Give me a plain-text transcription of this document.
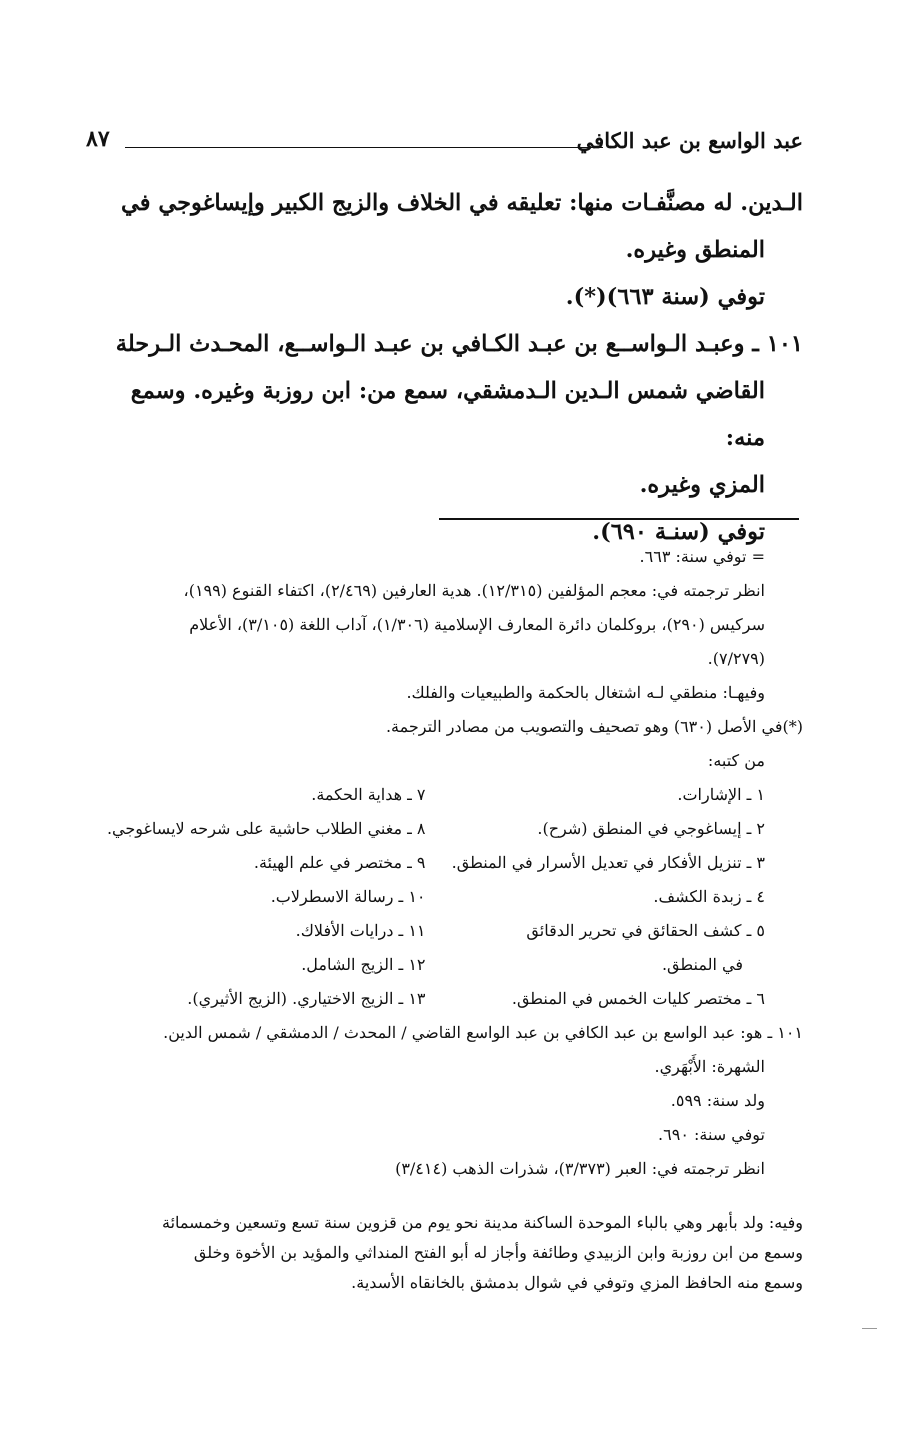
عبد الواسع بن عبد الكافي
٨٧

الـدين. له مصنَّفـات منها: تعليقه في الخلاف والزيج الكبير وإيساغوجي في

المنطق وغيره.

توفي (سنة ٦٦٣)(*).

١٠١ ـ وعبـد الـواســع بن عبـد الكـافي بن عبـد الـواســع، المحـدث الـرحلة

القاضي شمس الـدين الـدمشقي، سمع من: ابن روزبة وغيره. وسمع منه:

المزي وغيره.

توفي (سنـة ٦٩٠).

= توفي سنة: ٦٦٣.

انظر ترجمته في: معجم المؤلفين (١٢/٣١٥). هدية العارفين (٢/٤٦٩)، اكتفاء القنوع (١٩٩)،

سركيس (٢٩٠)، بروكلمان دائرة المعارف الإسلامية (١/٣٠٦)، آداب اللغة (٣/١٠٥)، الأعلام

(٧/٢٧٩).

وفيهـا: منطقي لـه اشتغال بالحكمة والطبيعيات والفلك.

(*)في الأصل (٦٣٠) وهو تصحيف والتصويب من مصادر الترجمة.

من كتبه:

١ ـ الإشارات.

٢ ـ إيساغوجي في المنطق (شرح).

٣ ـ تنزيل الأفكار في تعديل الأسرار في المنطق.

٤ ـ زبدة الكشف.

٥ ـ كشف الحقائق في تحرير الدقائق

في المنطق.

٦ ـ مختصر كليات الخمس في المنطق.

٧ ـ هداية الحكمة.

٨ ـ مغني الطلاب حاشية على شرحه لايساغوجي.

٩ ـ مختصر في علم الهيئة.

١٠ ـ رسالة الاسطرلاب.

١١ ـ درايات الأفلاك.

١٢ ـ الزيج الشامل.

١٣ ـ الزيج الاختياري. (الزيج الأثيري).

١٠١ ـ هو: عبد الواسع بن عبد الكافي بن عبد الواسع القاضي / المحدث / الدمشقي / شمس الدين.

الشهرة: الأَبْهَري.

ولد سنة: ٥٩٩.

توفي سنة: ٦٩٠.

انظر ترجمته في: العبر (٣/٣٧٣)، شذرات الذهب (٣/٤١٤)

وفيه: ولد بأبهر وهي بالباء الموحدة الساكنة مدينة نحو يوم من قزوين سنة تسع وتسعين وخمسمائة

وسمع من ابن روزبة وابن الزبيدي وطائفة وأجاز له أبو الفتح المنداثي والمؤيد بن الأخوة وخلق

وسمع منه الحافظ المزي وتوفي في شوال بدمشق بالخانقاه الأسدية.
